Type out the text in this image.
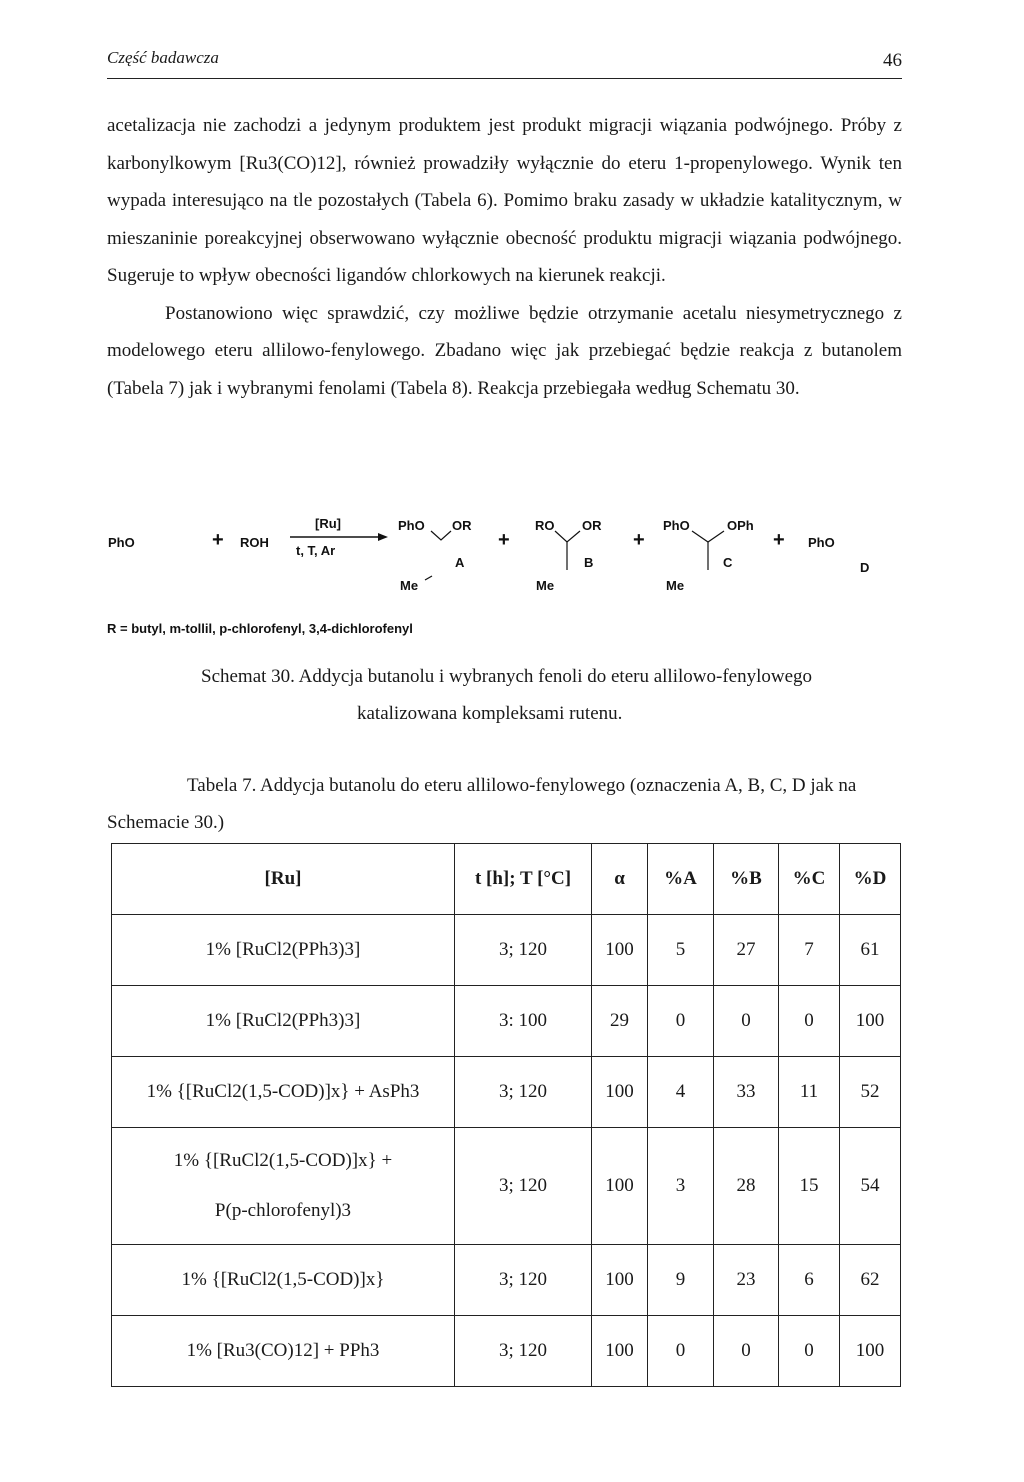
Część badawcza	46

acetalizacja nie zachodzi a jedynym produktem jest produkt migracji wiązania podwójnego. Próby z karbonylkowym [Ru3(CO)12], również prowadziły wyłącznie do eteru 1-propenylowego. Wynik ten wypada interesująco na tle pozostałych (Tabela 6). Pomimo braku zasady w układzie katalitycznym, w mieszaninie poreakcyjnej obserwowano wyłącznie obecność produktu migracji wiązania podwójnego. Sugeruje to wpływ obecności ligandów chlorkowych na kierunek reakcji.

Postanowiono więc sprawdzić, czy możliwe będzie otrzymanie acetalu niesymetrycznego z modelowego eteru allilowo-fenylowego. Zbadano więc jak przebiegać będzie reakcja z butanolem (Tabela 7) jak i wybranymi fenolami (Tabela 8). Reakcja przebiegała według Schematu 30.

PhO	+ ROH
[Ru]
t, T, Ar
PhO OR
A
Me
+
RO OR
B
Me
+
PhO	OPh
C
Me
+ PhO
D
R = butyl, m-tollil, p-chlorofenyl, 3,4-dichlorofenyl
Schemat 30. Addycja butanolu i wybranych fenoli do eteru allilowo-fenylowego
katalizowana kompleksami rutenu.
Tabela 7. Addycja butanolu do eteru allilowo-fenylowego (oznaczenia A, B, C, D jak na Schemacie 30.)
[Ru]	t [h]; T [°C]	α	%A	%B	%C	%D
1% [RuCl2(PPh3)3]	3; 120	100	5	27	7	61
1% [RuCl2(PPh3)3]	3: 100	29	0	0	0	100
1% {[RuCl2(1,5-COD)]x} + AsPh3	3; 120	100	4	33	11	52

1% {[RuCl2(1,5-COD)]x} +
P(p-chlorofenyl)3	3; 120	100	3	28	15	54
1% {[RuCl2(1,5-COD)]x}	3; 120	100	9	23	6	62
1% [Ru3(CO)12] + PPh3	3; 120	100	0	0	0	100
